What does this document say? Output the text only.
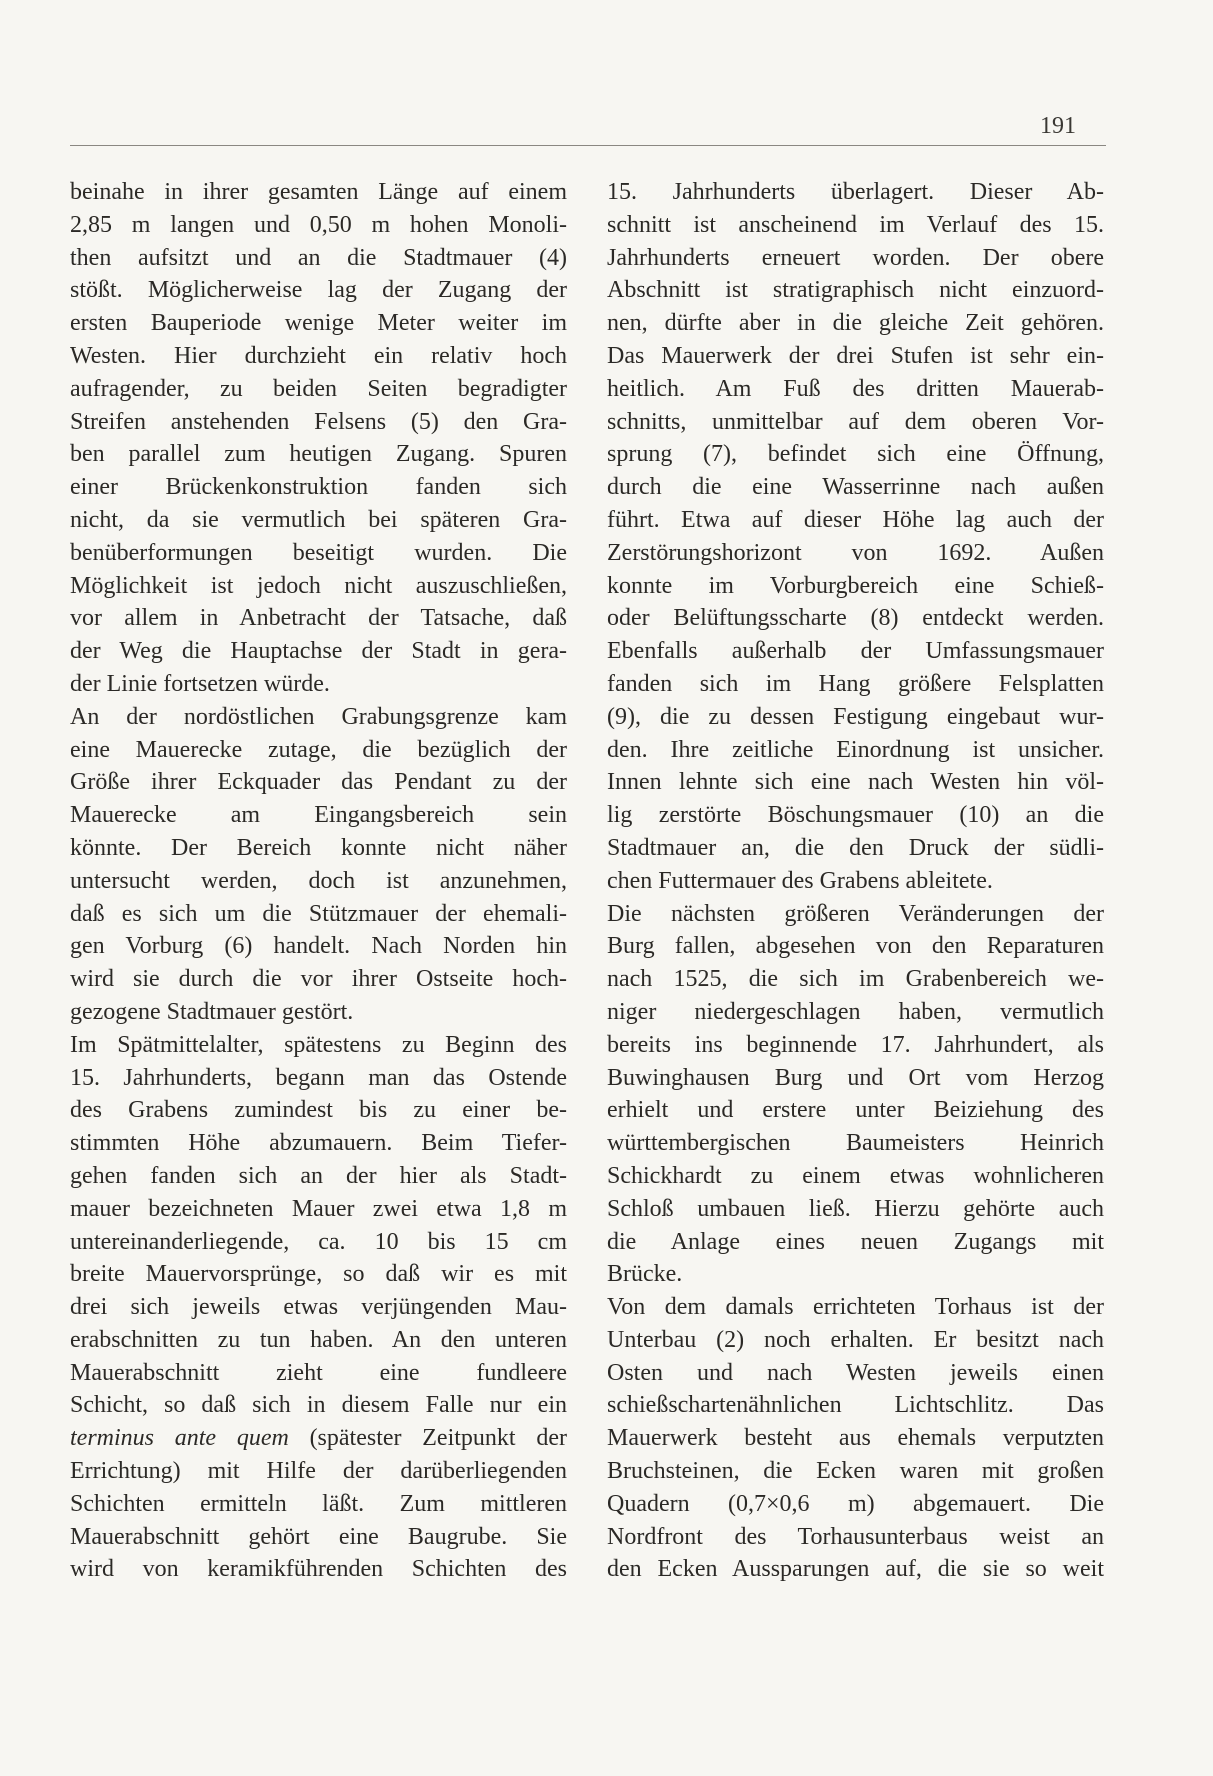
191
beinahe in ihrer gesamten Länge auf einem
2,85 m langen und 0,50 m hohen Monoli-
then aufsitzt und an die Stadtmauer (4)
stößt. Möglicherweise lag der Zugang der
ersten Bauperiode wenige Meter weiter im
Westen. Hier durchzieht ein relativ hoch
aufragender, zu beiden Seiten begradigter
Streifen anstehenden Felsens (5) den Gra-
ben parallel zum heutigen Zugang. Spuren
einer Brückenkonstruktion fanden sich
nicht, da sie vermutlich bei späteren Gra-
benüberformungen beseitigt wurden. Die
Möglichkeit ist jedoch nicht auszuschließen,
vor allem in Anbetracht der Tatsache, daß
der Weg die Hauptachse der Stadt in gera-
der Linie fortsetzen würde.
An der nordöstlichen Grabungsgrenze kam
eine Mauerecke zutage, die bezüglich der
Größe ihrer Eckquader das Pendant zu der
Mauerecke am Eingangsbereich sein
könnte. Der Bereich konnte nicht näher
untersucht werden, doch ist anzunehmen,
daß es sich um die Stützmauer der ehemali-
gen Vorburg (6) handelt. Nach Norden hin
wird sie durch die vor ihrer Ostseite hoch-
gezogene Stadtmauer gestört.
Im Spätmittelalter, spätestens zu Beginn des
15. Jahrhunderts, begann man das Ostende
des Grabens zumindest bis zu einer be-
stimmten Höhe abzumauern. Beim Tiefer-
gehen fanden sich an der hier als Stadt-
mauer bezeichneten Mauer zwei etwa 1,8 m
untereinanderliegende, ca. 10 bis 15 cm
breite Mauervorsprünge, so daß wir es mit
drei sich jeweils etwas verjüngenden Mau-
erabschnitten zu tun haben. An den unteren
Mauerabschnitt zieht eine fundleere
Schicht, so daß sich in diesem Falle nur ein
terminus ante quem (spätester Zeitpunkt der
Errichtung) mit Hilfe der darüberliegenden
Schichten ermitteln läßt. Zum mittleren
Mauerabschnitt gehört eine Baugrube. Sie
wird von keramikführenden Schichten des
15. Jahrhunderts überlagert. Dieser Ab-
schnitt ist anscheinend im Verlauf des 15.
Jahrhunderts erneuert worden. Der obere
Abschnitt ist stratigraphisch nicht einzuord-
nen, dürfte aber in die gleiche Zeit gehören.
Das Mauerwerk der drei Stufen ist sehr ein-
heitlich. Am Fuß des dritten Mauerab-
schnitts, unmittelbar auf dem oberen Vor-
sprung (7), befindet sich eine Öffnung,
durch die eine Wasserrinne nach außen
führt. Etwa auf dieser Höhe lag auch der
Zerstörungshorizont von 1692. Außen
konnte im Vorburgbereich eine Schieß-
oder Belüftungsscharte (8) entdeckt werden.
Ebenfalls außerhalb der Umfassungsmauer
fanden sich im Hang größere Felsplatten
(9), die zu dessen Festigung eingebaut wur-
den. Ihre zeitliche Einordnung ist unsicher.
Innen lehnte sich eine nach Westen hin völ-
lig zerstörte Böschungsmauer (10) an die
Stadtmauer an, die den Druck der südli-
chen Futtermauer des Grabens ableitete.
Die nächsten größeren Veränderungen der
Burg fallen, abgesehen von den Reparaturen
nach 1525, die sich im Grabenbereich we-
niger niedergeschlagen haben, vermutlich
bereits ins beginnende 17. Jahrhundert, als
Buwinghausen Burg und Ort vom Herzog
erhielt und erstere unter Beiziehung des
württembergischen Baumeisters Heinrich
Schickhardt zu einem etwas wohnlicheren
Schloß umbauen ließ. Hierzu gehörte auch
die Anlage eines neuen Zugangs mit
Brücke.
Von dem damals errichteten Torhaus ist der
Unterbau (2) noch erhalten. Er besitzt nach
Osten und nach Westen jeweils einen
schießschartenähnlichen Lichtschlitz. Das
Mauerwerk besteht aus ehemals verputzten
Bruchsteinen, die Ecken waren mit großen
Quadern (0,7×0,6 m) abgemauert. Die
Nordfront des Torhausunterbaus weist an
den Ecken Aussparungen auf, die sie so weit
